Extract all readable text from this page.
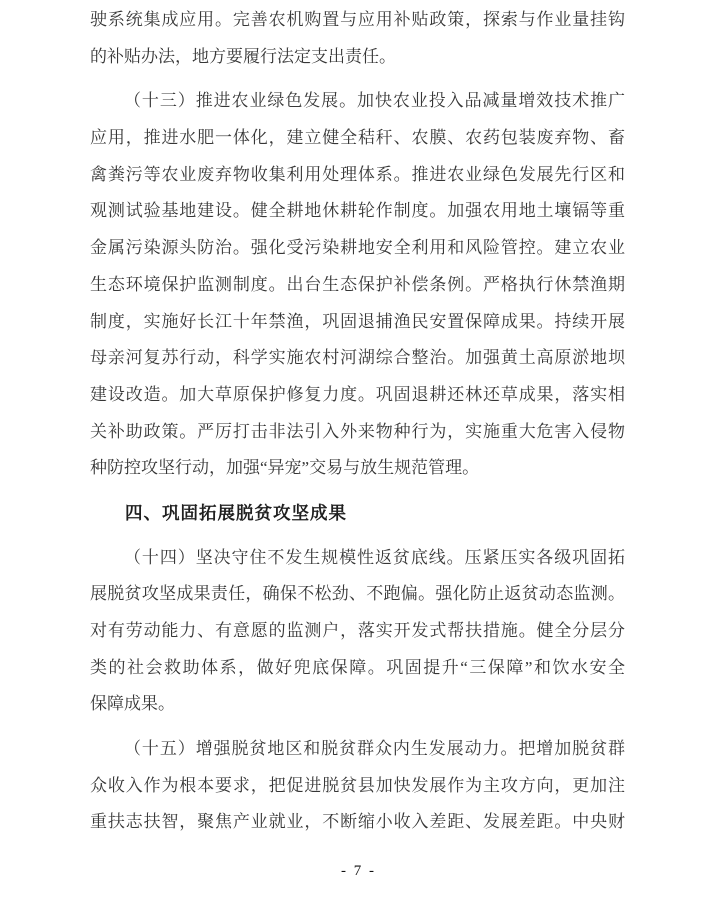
驶系统集成应用。完善农机购置与应用补贴政策，探索与作业量挂钩
的补贴办法，地方要履行法定支出责任。

（十三）推进农业绿色发展。加快农业投入品减量增效技术推广
应用，推进水肥一体化，建立健全秸秆、农膜、农药包装废弃物、畜
禽粪污等农业废弃物收集利用处理体系。推进农业绿色发展先行区和
观测试验基地建设。健全耕地休耕轮作制度。加强农用地土壤镉等重
金属污染源头防治。强化受污染耕地安全利用和风险管控。建立农业
生态环境保护监测制度。出台生态保护补偿条例。严格执行休禁渔期
制度，实施好长江十年禁渔，巩固退捕渔民安置保障成果。持续开展
母亲河复苏行动，科学实施农村河湖综合整治。加强黄土高原淤地坝
建设改造。加大草原保护修复力度。巩固退耕还林还草成果，落实相
关补助政策。严厉打击非法引入外来物种行为，实施重大危害入侵物
种防控攻坚行动，加强“异宠”交易与放生规范管理。

四、巩固拓展脱贫攻坚成果

（十四）坚决守住不发生规模性返贫底线。压紧压实各级巩固拓
展脱贫攻坚成果责任，确保不松劲、不跑偏。强化防止返贫动态监测。
对有劳动能力、有意愿的监测户，落实开发式帮扶措施。健全分层分
类的社会救助体系，做好兜底保障。巩固提升“三保障”和饮水安全
保障成果。

（十五）增强脱贫地区和脱贫群众内生发展动力。把增加脱贫群
众收入作为根本要求，把促进脱贫县加快发展作为主攻方向，更加注
重扶志扶智，聚焦产业就业，不断缩小收入差距、发展差距。中央财

- 7 -
